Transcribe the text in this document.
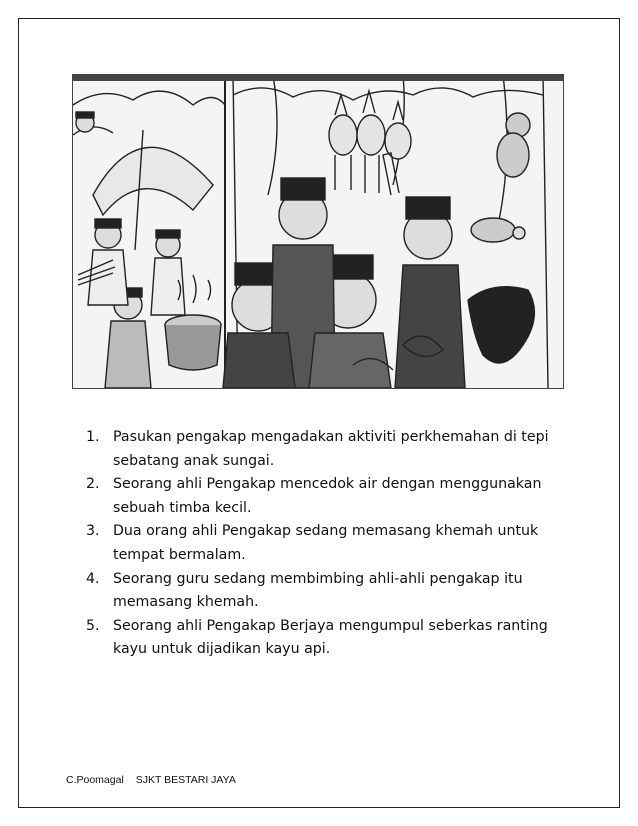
1. Pasukan pengakap mengadakan aktiviti perkhemahan di tepi sebatang anak sungai.
2. Seorang ahli Pengakap mencedok air dengan menggunakan sebuah timba kecil.
3. Dua orang ahli Pengakap sedang memasang khemah untuk tempat bermalam.
4. Seorang guru sedang membimbing ahli-ahli pengakap itu memasang khemah.
5. Seorang ahli Pengakap Berjaya mengumpul seberkas ranting kayu untuk dijadikan kayu api.
C.Poomagal SJKT BESTARI JAYA
